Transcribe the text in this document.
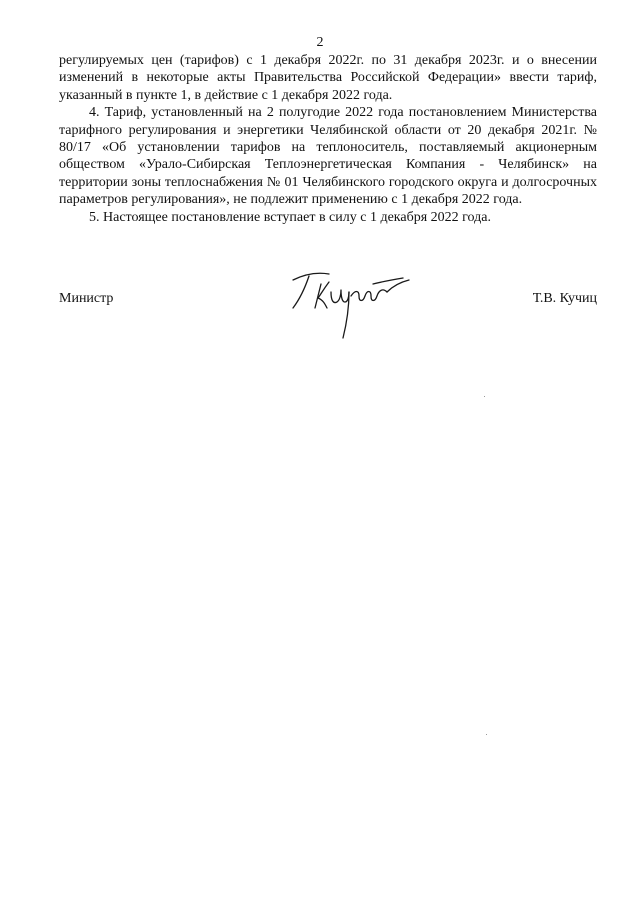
2

регулируемых цен (тарифов) с 1 декабря 2022г. по 31 декабря 2023г. и о внесении изменений в некоторые акты Правительства Российской Федерации» ввести тариф, указанный в пункте 1, в действие с 1 декабря 2022 года.

4. Тариф, установленный на 2 полугодие 2022 года постановлением Министерства тарифного регулирования и энергетики Челябинской области от 20 декабря 2021г. № 80/17 «Об установлении тарифов на теплоноситель, поставляемый акционерным обществом «Урало-Сибирская Теплоэнергетическая Компания - Челябинск» на территории зоны теплоснабжения № 01 Челябинского городского округа и долгосрочных параметров регулирования», не подлежит применению с 1 декабря 2022 года.

5. Настоящее постановление вступает в силу с 1 декабря 2022 года.

Министр	Т.В. Кучиц
